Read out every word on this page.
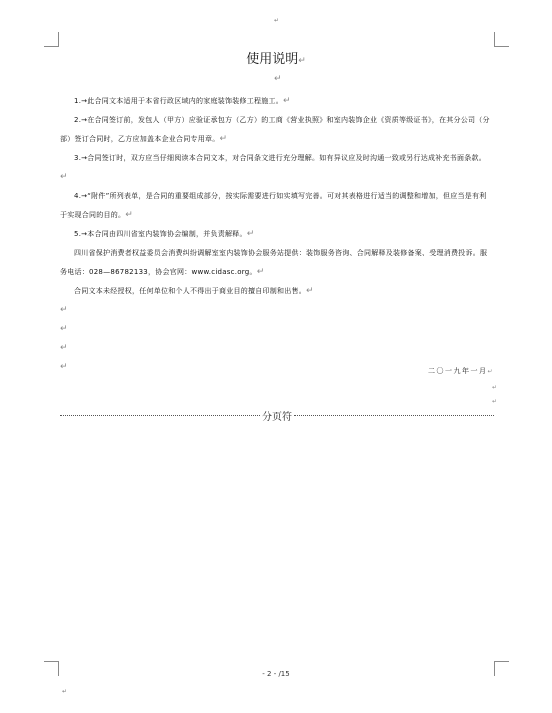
↵
↵
使用说明↵
↵

1.→此合同文本适用于本省行政区域内的家庭装饰装修工程施工。↵

2.→在合同签订前，发包人（甲方）应验证承包方（乙方）的工商《营业执照》和室内装饰企业《资质等级证书》，在其分公司（分部）签订合同时，乙方应加盖本企业合同专用章。↵

3.→合同签订时，双方应当仔细阅读本合同文本，对合同条文进行充分理解。如有异议应及时沟通一致或另行达成补充书面条款。↵

4.→“附件”所列表单，是合同的重要组成部分，按实际需要进行如实填写完善。可对其表格进行适当的调整和增加，但应当是有利于实现合同的目的。↵

5.→本合同由四川省室内装饰协会编制，并负责解释。↵

四川省保护消费者权益委员会消费纠纷调解室室内装饰协会服务站提供：装饰服务咨询、合同解释及装修备案、受理消费投诉。服务电话：028—86782133，协会官网：www.cidasc.org。↵

合同文本未经授权，任何单位和个人不得出于商业目的擅自印制和出售。↵

↵
↵
↵
↵	二〇一九年一月↵
↵
↵
分页符
- 2 - /15
